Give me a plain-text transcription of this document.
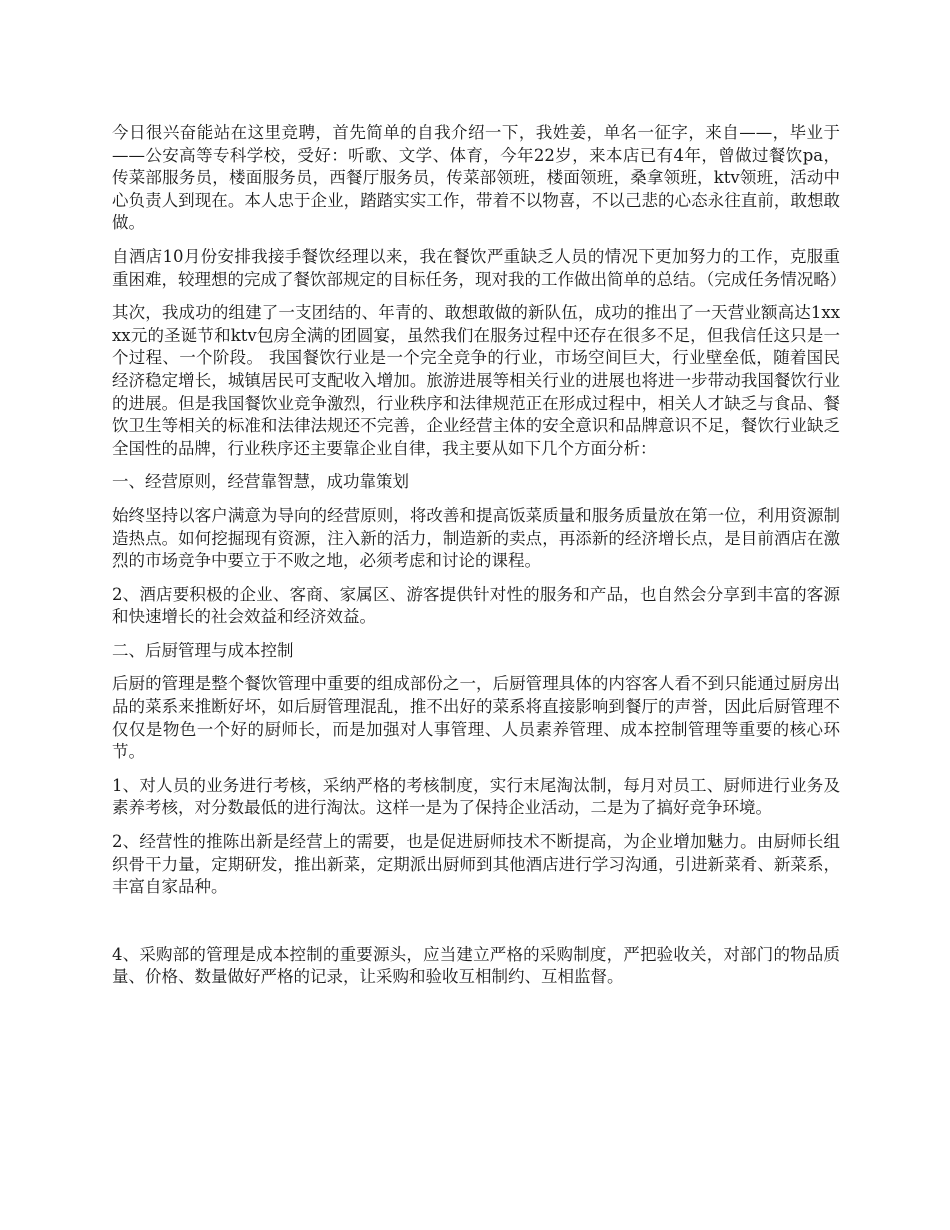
今日很兴奋能站在这里竞聘，首先简单的自我介绍一下，我姓姜，单名一征字，来自——，毕业于——公安高等专科学校，受好：听歌、文学、体育，今年22岁，来本店已有4年，曾做过餐饮pa，传菜部服务员，楼面服务员，西餐厅服务员，传菜部领班，楼面领班，桑拿领班，ktv领班，活动中心负责人到现在。本人忠于企业，踏踏实实工作，带着不以物喜，不以己悲的心态永往直前，敢想敢做。

自酒店10月份安排我接手餐饮经理以来，我在餐饮严重缺乏人员的情况下更加努力的工作，克服重重困难，较理想的完成了餐饮部规定的目标任务，现对我的工作做出简单的总结。（完成任务情况略）

其次，我成功的组建了一支团结的、年青的、敢想敢做的新队伍，成功的推出了一天营业额高达1xxxx元的圣诞节和ktv包房全满的团圆宴，虽然我们在服务过程中还存在很多不足，但我信任这只是一个过程、一个阶段。 我国餐饮行业是一个完全竞争的行业，市场空间巨大，行业壁垒低，随着国民经济稳定增长，城镇居民可支配收入增加。旅游进展等相关行业的进展也将进一步带动我国餐饮行业的进展。但是我国餐饮业竞争激烈，行业秩序和法律规范正在形成过程中，相关人才缺乏与食品、餐饮卫生等相关的标准和法律法规还不完善，企业经营主体的安全意识和品牌意识不足，餐饮行业缺乏全国性的品牌，行业秩序还主要靠企业自律，我主要从如下几个方面分析：

一、经营原则，经营靠智慧，成功靠策划

始终坚持以客户满意为导向的经营原则，将改善和提高饭菜质量和服务质量放在第一位，利用资源制造热点。如何挖掘现有资源，注入新的活力，制造新的卖点，再添新的经济增长点，是目前酒店在激烈的市场竞争中要立于不败之地，必须考虑和讨论的课程。

2、酒店要积极的企业、客商、家属区、游客提供针对性的服务和产品，也自然会分享到丰富的客源和快速增长的社会效益和经济效益。

二、后厨管理与成本控制

后厨的管理是整个餐饮管理中重要的组成部份之一，后厨管理具体的内容客人看不到只能通过厨房出品的菜系来推断好坏，如后厨管理混乱，推不出好的菜系将直接影响到餐厅的声誉，因此后厨管理不仅仅是物色一个好的厨师长，而是加强对人事管理、人员素养管理、成本控制管理等重要的核心环节。

1、对人员的业务进行考核，采纳严格的考核制度，实行末尾淘汰制，每月对员工、厨师进行业务及素养考核，对分数最低的进行淘汰。这样一是为了保持企业活动，二是为了搞好竞争环境。

2、经营性的推陈出新是经营上的需要，也是促进厨师技术不断提高，为企业增加魅力。由厨师长组织骨干力量，定期研发，推出新菜，定期派出厨师到其他酒店进行学习沟通，引进新菜肴、新菜系，丰富自家品种。

4、采购部的管理是成本控制的重要源头，应当建立严格的采购制度，严把验收关，对部门的物品质量、价格、数量做好严格的记录，让采购和验收互相制约、互相监督。
